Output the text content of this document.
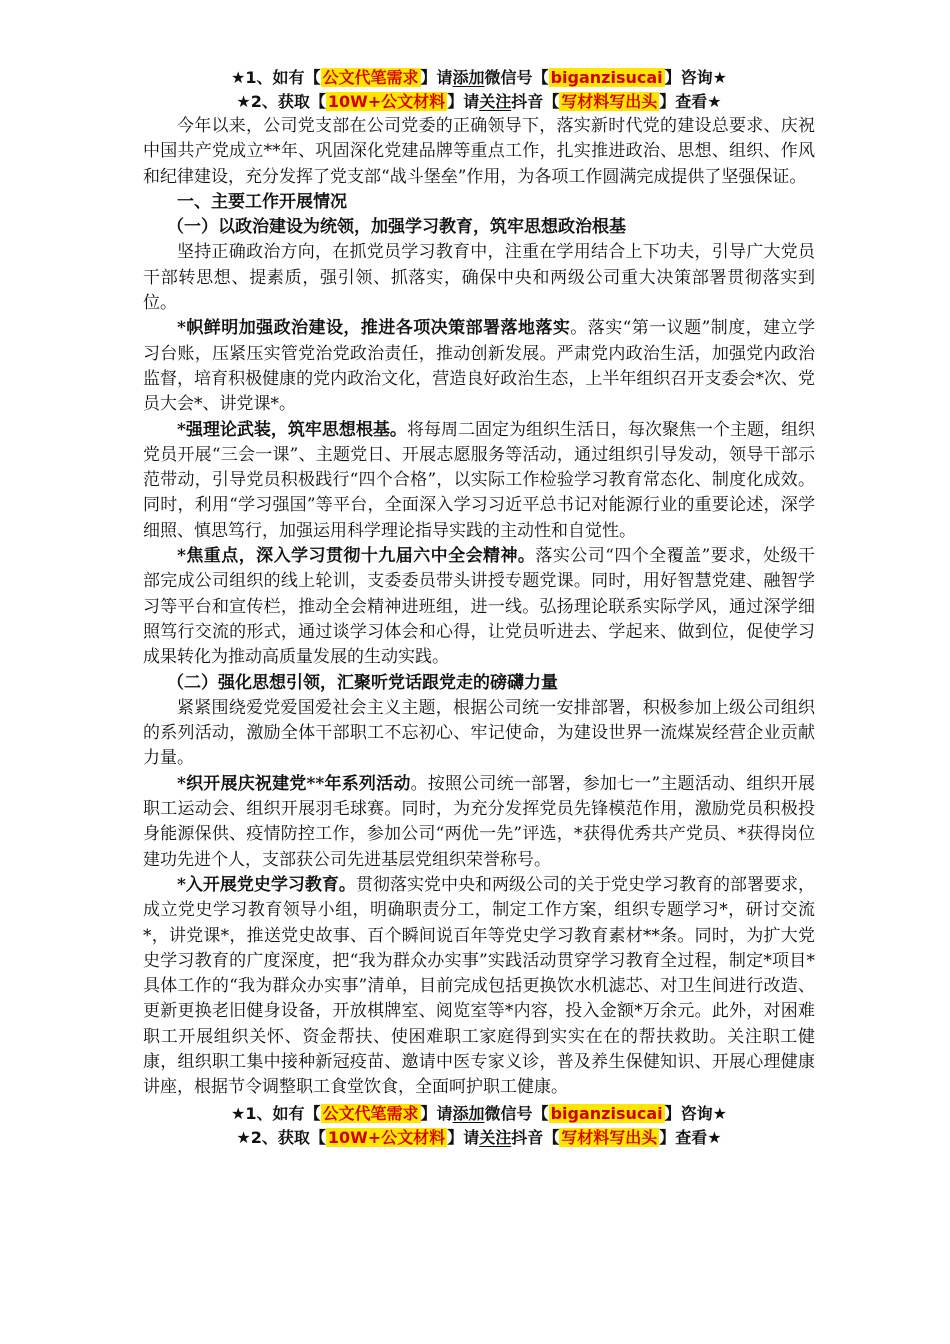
★1、如有【 公文代笔需求 】请添加微信号【 biganzisucai 】咨询★
★2、获取【 10W+公文材料 】请关注抖音【 写材料写出头 】查看★

今年以来，公司党支部在公司党委的正确领导下，落实新时代党的建设总要求、庆祝中国共产党成立**年、巩固深化党建品牌等重点工作，扎实推进政治、思想、组织、作风和纪律建设，充分发挥了党支部“战斗堡垒”作用，为各项工作圆满完成提供了坚强保证。

一、主要工作开展情况
（一）以政治建设为统领，加强学习教育，筑牢思想政治根基

坚持正确政治方向，在抓党员学习教育中，注重在学用结合上下功夫，引导广大党员干部转思想、提素质，强引领、抓落实，确保中央和两级公司重大决策部署贯彻落实到位。

*帜鲜明加强政治建设，推进各项决策部署落地落实。落实“第一议题”制度，建立学习台账，压紧压实管党治党政治责任，推动创新发展。严肃党内政治生活，加强党内政治监督，培育积极健康的党内政治文化，营造良好政治生态，上半年组织召开支委会*次、党员大会*、讲党课*。

*强理论武装，筑牢思想根基。将每周二固定为组织生活日，每次聚焦一个主题，组织党员开展“三会一课”、主题党日、开展志愿服务等活动，通过组织引导发动，领导干部示范带动，引导党员积极践行“四个合格”，以实际工作检验学习教育常态化、制度化成效。同时，利用“学习强国”等平台，全面深入学习习近平总书记对能源行业的重要论述，深学细照、慎思笃行，加强运用科学理论指导实践的主动性和自觉性。

*焦重点，深入学习贯彻十九届六中全会精神。落实公司“四个全覆盖”要求，处级干部完成公司组织的线上轮训，支委委员带头讲授专题党课。同时，用好智慧党建、融智学习等平台和宣传栏，推动全会精神进班组，进一线。弘扬理论联系实际学风，通过深学细照笃行交流的形式，通过谈学习体会和心得，让党员听进去、学起来、做到位，促使学习成果转化为推动高质量发展的生动实践。

（二）强化思想引领，汇聚听党话跟党走的磅礴力量

紧紧围绕爱党爱国爱社会主义主题，根据公司统一安排部署，积极参加上级公司组织的系列活动，激励全体干部职工不忘初心、牢记使命，为建设世界一流煤炭经营企业贡献力量。

*织开展庆祝建党**年系列活动。按照公司统一部署，参加七一”主题活动、组织开展职工运动会、组织开展羽毛球赛。同时，为充分发挥党员先锋模范作用，激励党员积极投身能源保供、疫情防控工作，参加公司“两优一先”评选，*获得优秀共产党员、*获得岗位建功先进个人，支部获公司先进基层党组织荣誉称号。

*入开展党史学习教育。贯彻落实党中央和两级公司的关于党史学习教育的部署要求，成立党史学习教育领导小组，明确职责分工，制定工作方案，组织专题学习*，研讨交流*，讲党课*，推送党史故事、百个瞬间说百年等党史学习教育素材**条。同时，为扩大党史学习教育的广度深度，把“我为群众办实事”实践活动贯穿学习教育全过程，制定*项目*具体工作的“我为群众办实事”清单，目前完成包括更换饮水机滤芯、对卫生间进行改造、更新更换老旧健身设备，开放棋牌室、阅览室等*内容，投入金额*万余元。此外，对困难职工开展组织关怀、资金帮扶、使困难职工家庭得到实实在在的帮扶救助。关注职工健康，组织职工集中接种新冠疫苗、邀请中医专家义诊，普及养生保健知识、开展心理健康讲座，根据节令调整职工食堂饮食，全面呵护职工健康。

★1、如有【 公文代笔需求 】请添加微信号【 biganzisucai 】咨询★
★2、获取【 10W+公文材料 】请关注抖音【 写材料写出头 】查看★
